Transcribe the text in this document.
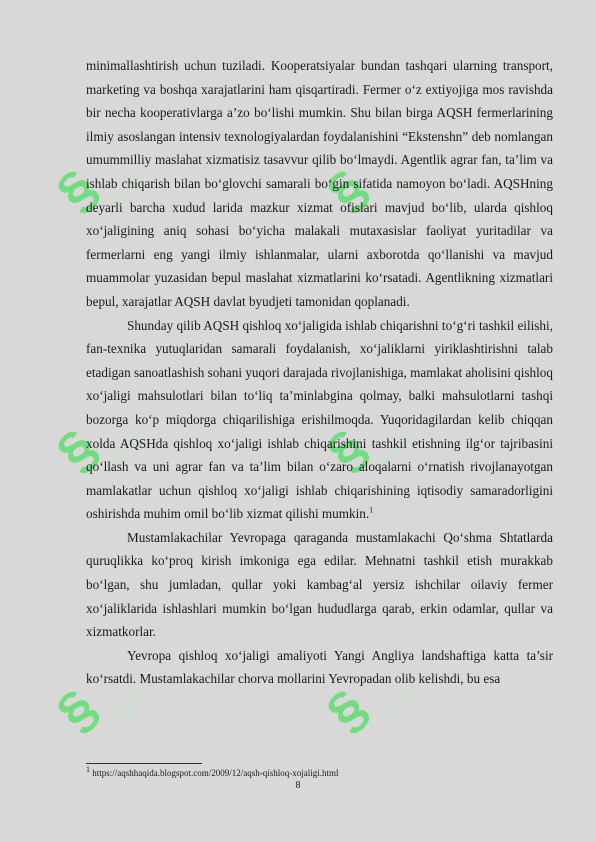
§
SOFT	§
SOFT
§
SOFT	§
SOFT
§
SOFT	§
SOFT

minimallashtirish uchun tuziladi. Kooperatsiyalar bundan tashqari ularning transport, marketing va boshqa xarajatlarini ham qisqartiradi. Fermer o‘z extiyojiga mos ravishda bir necha kooperativlarga a’zo bo‘lishi mumkin. Shu bilan birga AQSH fermerlarining ilmiy asoslangan intensiv texnologiyalardan foydalanishini “Ekstenshn” deb nomlangan umummilliy maslahat xizmatisiz tasavvur qilib bo‘lmaydi. Agentlik agrar fan, ta’lim va ishlab chiqarish bilan bo‘glovchi samarali bo‘gin sifatida namoyon bo‘ladi. AQSHning deyarli barcha xudud larida mazkur xizmat ofislari mavjud bo‘lib, ularda qishloq xo‘jaligining aniq sohasi bo‘yicha malakali mutaxasislar faoliyat yuritadilar va fermerlarni eng yangi ilmiy ishlanmalar, ularni axborotda qo‘llanishi va mavjud muammolar yuzasidan bepul maslahat xizmatlarini ko‘rsatadi. Agentlikning xizmatlari bepul, xarajatlar AQSH davlat byudjeti tamonidan qoplanadi.

Shunday qilib AQSH qishloq xo‘jaligida ishlab chiqarishni to‘g‘ri tashkil eilishi, fan-texnika yutuqlaridan samarali foydalanish, xo‘jaliklarni yiriklashtirishni talab etadigan sanoatlashish sohani yuqori darajada rivojlanishiga, mamlakat aholisini qishloq xo‘jaligi mahsulotlari bilan to‘liq ta’minlabgina qolmay, balki mahsulotlarni tashqi bozorga ko‘p miqdorga chiqarilishiga erishilmoqda. Yuqoridagilardan kelib chiqqan xolda AQSHda qishloq xo‘jaligi ishlab chiqarishini tashkil etishning ilg‘or tajribasini qo‘llash va uni agrar fan va ta’lim bilan o‘zaro aloqalarni o‘rnatish rivojlanayotgan mamlakatlar uchun qishloq xo‘jaligi ishlab chiqarishining iqtisodiy samaradorligini oshirishda muhim omil bo‘lib xizmat qilishi mumkin.$^1$

Mustamlakachilar Yevropaga qaraganda mustamlakachi Qo‘shma Shtatlarda quruqlikka ko‘proq kirish imkoniga ega edilar. Mehnatni tashkil etish murakkab bo‘lgan, shu jumladan, qullar yoki kambag‘al yersiz ishchilar oilaviy fermer xo‘jaliklarida ishlashlari mumkin bo‘lgan hududlarga qarab, erkin odamlar, qullar va xizmatkorlar.

Yevropa qishloq xo‘jaligi amaliyoti Yangi Angliya landshaftiga katta ta’sir ko‘rsatdi. Mustamlakachilar chorva mollarini Yevropadan olib kelishdi, bu esa

$^1$ https://aqshhaqida.blogspot.com/2009/12/aqsh-qishloq-xojaligi.html
8
